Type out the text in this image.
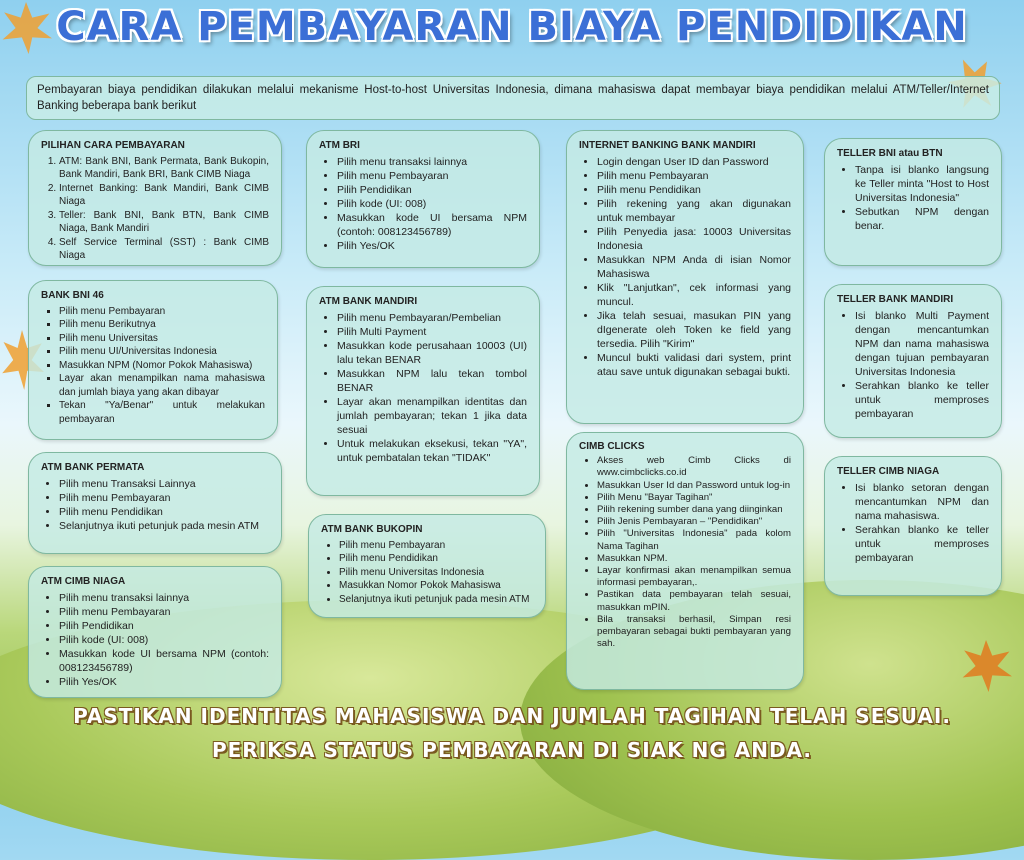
CARA PEMBAYARAN BIAYA PENDIDIKAN
Pembayaran biaya pendidikan dilakukan melalui mekanisme Host-to-host Universitas Indonesia, dimana mahasiswa dapat membayar biaya pendidikan melalui ATM/Teller/Internet Banking beberapa bank berikut
PILIHAN CARA PEMBAYARAN
1. ATM: Bank BNI, Bank Permata, Bank Bukopin, Bank Mandiri, Bank BRI, Bank CIMB Niaga
2. Internet Banking: Bank Mandiri, Bank CIMB Niaga
3. Teller: Bank BNI, Bank BTN, Bank CIMB Niaga, Bank Mandiri
4. Self Service Terminal (SST) : Bank CIMB Niaga
BANK BNI 46
▪ Pilih menu Pembayaran
▪ Pilih menu Berikutnya
▪ Pilih menu Universitas
▪ Pilih menu UI/Universitas Indonesia
▪ Masukkan NPM (Nomor Pokok Mahasiswa)
▪ Layar akan menampilkan nama mahasiswa dan jumlah biaya yang akan dibayar
▪ Tekan "Ya/Benar" untuk melakukan pembayaran
ATM BANK PERMATA
• Pilih menu Transaksi Lainnya
• Pilih menu Pembayaran
• Pilih menu Pendidikan
• Selanjutnya ikuti petunjuk pada mesin ATM
ATM CIMB NIAGA
• Pilih menu transaksi lainnya
• Pilih menu Pembayaran
• Pilih Pendidikan
• Pilih kode (UI: 008)
• Masukkan kode UI bersama NPM (contoh: 008123456789)
• Pilih Yes/OK
ATM BRI
• Pilih menu transaksi lainnya
• Pilih menu Pembayaran
• Pilih Pendidikan
• Pilih kode (UI: 008)
• Masukkan kode UI bersama NPM (contoh: 008123456789)
• Pilih Yes/OK
ATM BANK MANDIRI
• Pilih menu Pembayaran/Pembelian
• Pilih Multi Payment
• Masukkan kode perusahaan 10003 (UI) lalu tekan BENAR
• Masukkan NPM lalu tekan tombol BENAR
• Layar akan menampilkan identitas dan jumlah pembayaran; tekan 1 jika data sesuai
• Untuk melakukan eksekusi, tekan "YA", untuk pembatalan tekan "TIDAK"
ATM BANK BUKOPIN
• Pilih menu Pembayaran
• Pilih menu Pendidikan
• Pilih menu Universitas Indonesia
• Masukkan Nomor Pokok Mahasiswa
• Selanjutnya ikuti petunjuk pada mesin ATM
INTERNET BANKING BANK MANDIRI
• Login dengan User ID dan Password
• Pilih menu Pembayaran
• Pilih menu Pendidikan
• Pilih rekening yang akan digunakan untuk membayar
• Pilih Penyedia jasa: 10003 Universitas Indonesia
• Masukkan NPM Anda di isian Nomor Mahasiswa
• Klik "Lanjutkan", cek informasi yang muncul.
• Jika telah sesuai, masukan PIN yang dIgenerate oleh Token ke field yang tersedia. Pilih "Kirim"
• Muncul bukti validasi dari system, print atau save untuk digunakan sebagai bukti.
CIMB CLICKS
• Akses web Cimb Clicks di www.cimbclicks.co.id
• Masukkan User Id dan Password untuk log-in
• Pilih Menu "Bayar Tagihan"
• Pilih rekening sumber dana yang diinginkan
• Pilih Jenis Pembayaran – "Pendidikan"
• Pilih "Universitas Indonesia" pada kolom Nama Tagihan
• Masukkan NPM.
• Layar konfirmasi akan menampilkan semua informasi pembayaran,.
• Pastikan data pembayaran telah sesuai, masukkan mPIN.
• Bila transaksi berhasil, Simpan resi pembayaran sebagai bukti pembayaran yang sah.
TELLER BNI atau BTN
• Tanpa isi blanko langsung ke Teller minta "Host to Host Universitas Indonesia"
• Sebutkan NPM dengan benar.
TELLER BANK MANDIRI
• Isi blanko Multi Payment dengan mencantumkan NPM dan nama mahasiswa dengan tujuan pembayaran Universitas Indonesia
• Serahkan blanko ke teller untuk memproses pembayaran
TELLER CIMB NIAGA
• Isi blanko setoran dengan mencantumkan NPM dan nama mahasiswa.
• Serahkan blanko ke teller untuk memproses pembayaran
PASTIKAN IDENTITAS MAHASISWA DAN JUMLAH TAGIHAN TELAH SESUAI.
PERIKSA STATUS PEMBAYARAN DI SIAK NG ANDA.
